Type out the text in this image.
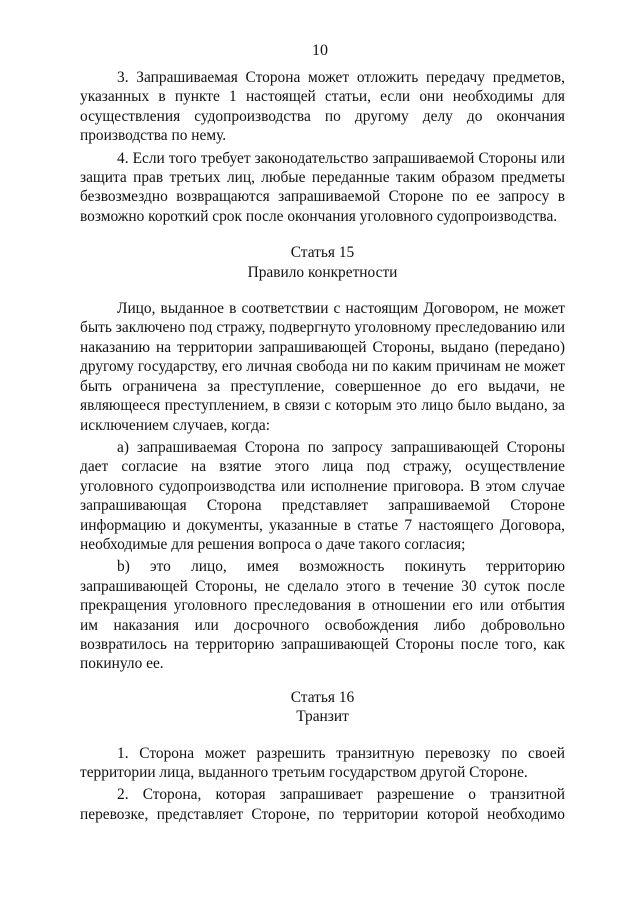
10

3. Запрашиваемая Сторона может отложить передачу предметов, указанных в пункте 1 настоящей статьи, если они необходимы для осуществления судопроизводства по другому делу до окончания производства по нему.

4. Если того требует законодательство запрашиваемой Стороны или защита прав третьих лиц, любые переданные таким образом предметы безвозмездно возвращаются запрашиваемой Стороне по ее запросу в возможно короткий срок после окончания уголовного судопроизводства.

Статья 15

Правило конкретности

Лицо, выданное в соответствии с настоящим Договором, не может быть заключено под стражу, подвергнуто уголовному преследованию или наказанию на территории запрашивающей Стороны, выдано (передано) другому государству, его личная свобода ни по каким причинам не может быть ограничена за преступление, совершенное до его выдачи, не являющееся преступлением, в связи с которым это лицо было выдано, за исключением случаев, когда:

а) запрашиваемая Сторона по запросу запрашивающей Стороны дает согласие на взятие этого лица под стражу, осуществление уголовного судопроизводства или исполнение приговора. В этом случае запрашивающая Сторона представляет запрашиваемой Стороне информацию и документы, указанные в статье 7 настоящего Договора, необходимые для решения вопроса о даче такого согласия;

b) это лицо, имея возможность покинуть территорию запрашивающей Стороны, не сделало этого в течение 30 суток после прекращения уголовного преследования в отношении его или отбытия им наказания или досрочного освобождения либо добровольно возвратилось на территорию запрашивающей Стороны после того, как покинуло ее.

Статья 16

Транзит

1. Сторона может разрешить транзитную перевозку по своей территории лица, выданного третьим государством другой Стороне.

2. Сторона, которая запрашивает разрешение о транзитной перевозке, представляет Стороне, по территории которой необходимо
